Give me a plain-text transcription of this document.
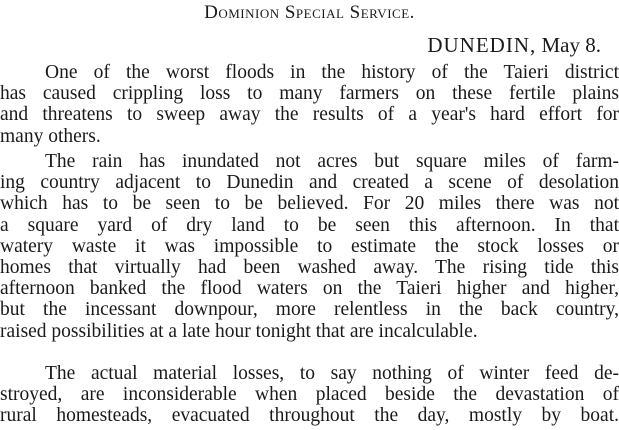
Dominion Special Service.
DUNEDIN, May 8.
One of the worst floods in the history of the Taieri district
has caused crippling loss to many farmers on these fertile plains
and threatens to sweep away the results of a year's hard effort for
many others.
The rain has inundated not acres but square miles of farm-
ing country adjacent to Dunedin and created a scene of desolation
which has to be seen to be believed. For 20 miles there was not
a square yard of dry land to be seen this afternoon. In that
watery waste it was impossible to estimate the stock losses or
homes that virtually had been washed away. The rising tide this
afternoon banked the flood waters on the Taieri higher and higher,
but the incessant downpour, more relentless in the back country,
raised possibilities at a late hour tonight that are incalculable.
The actual material losses, to say nothing of winter feed de-
stroyed, are inconsiderable when placed beside the devastation of
rural homesteads, evacuated throughout the day, mostly by boat.
